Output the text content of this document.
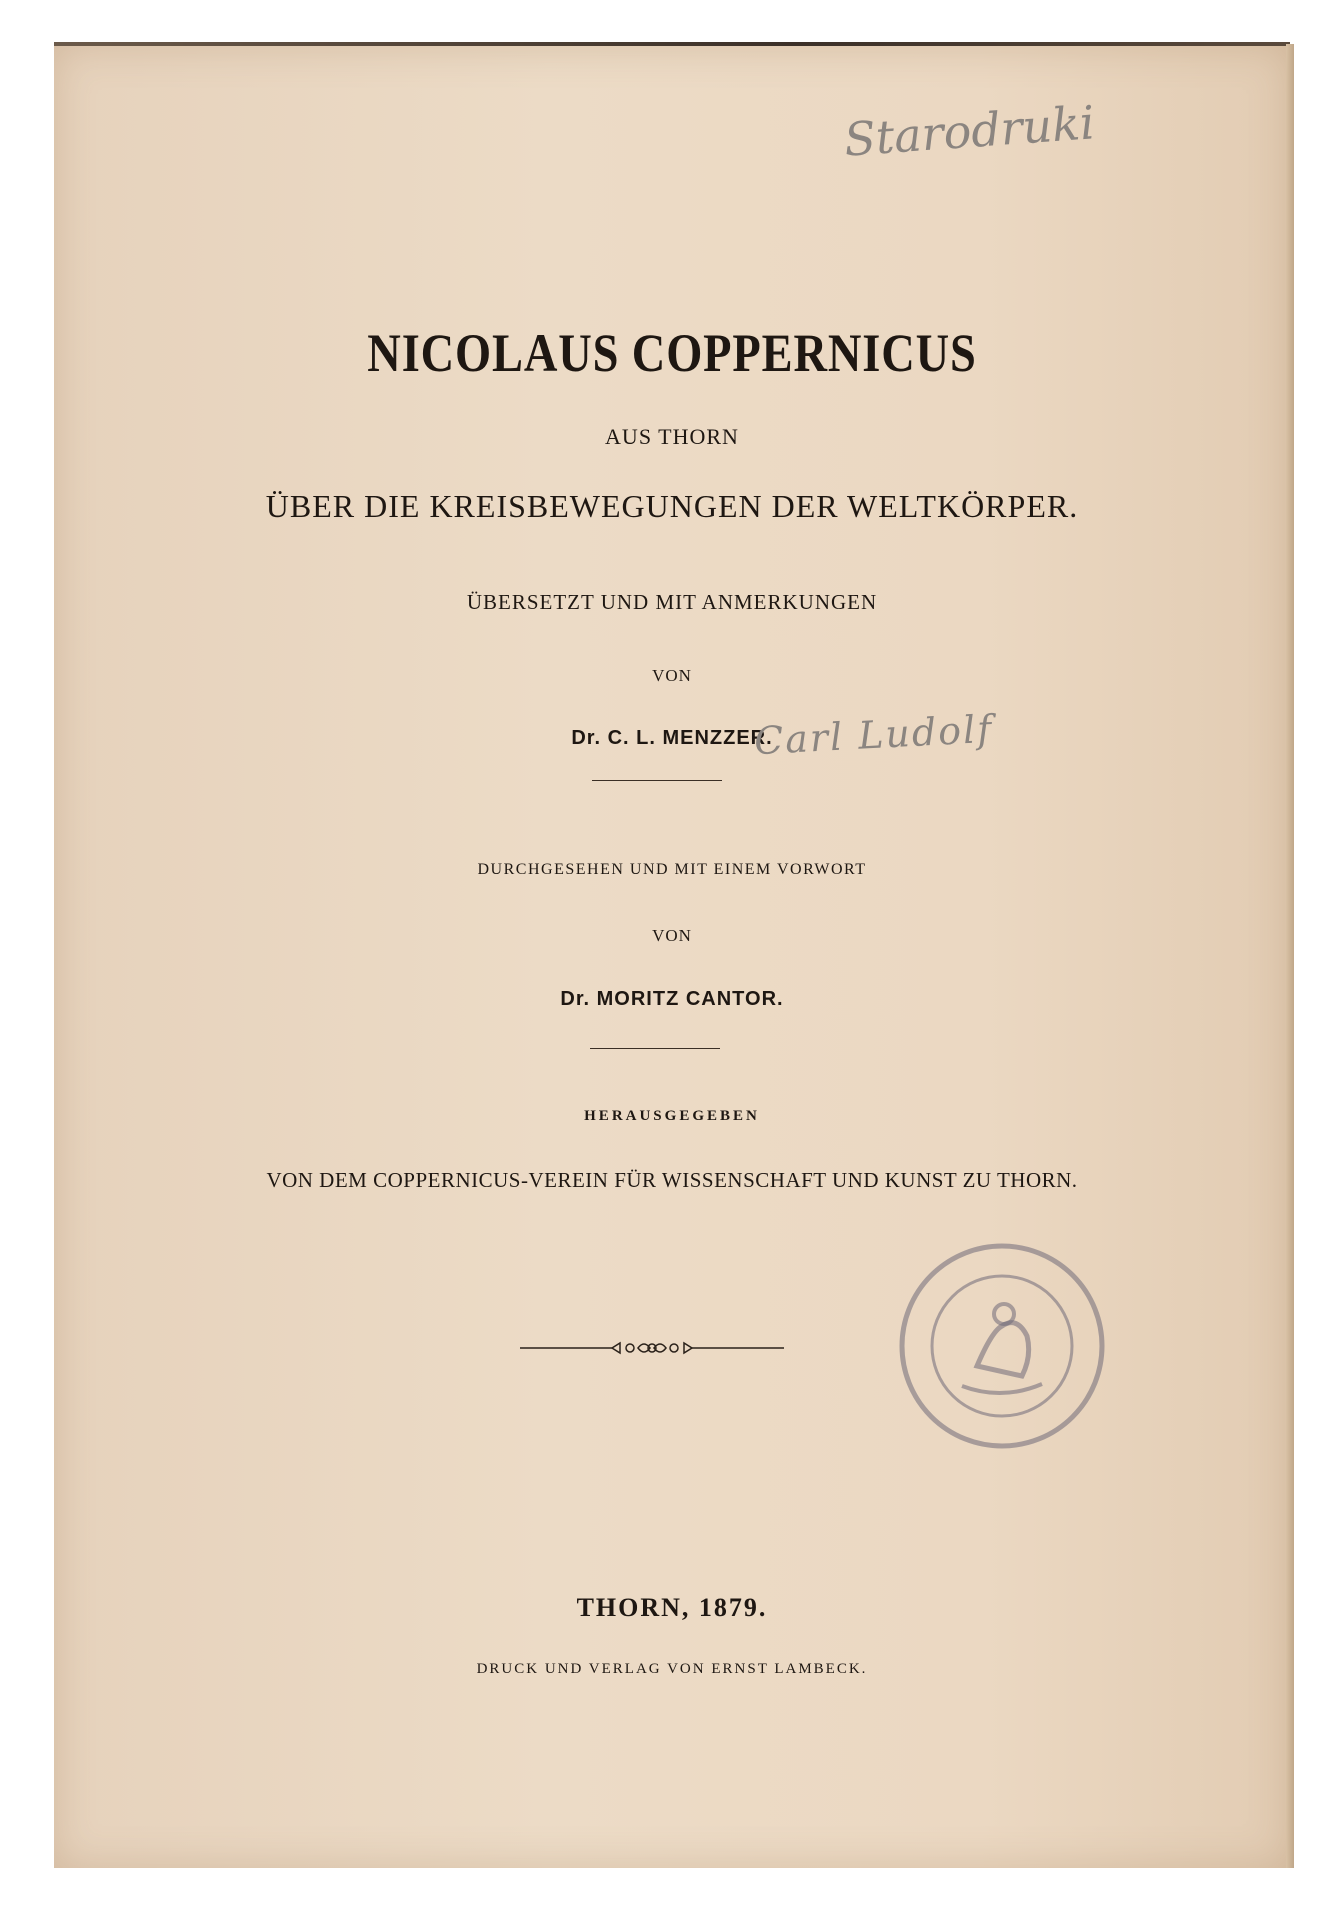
Starodruki
NICOLAUS COPPERNICUS
AUS THORN
ÜBER DIE KREISBEWEGUNGEN DER WELTKÖRPER.
ÜBERSETZT UND MIT ANMERKUNGEN
VON
Dr. C. L. MENZZER.
Carl Ludolf
DURCHGESEHEN UND MIT EINEM VORWORT
VON
Dr. MORITZ CANTOR.
HERAUSGEGEBEN
VON DEM COPPERNICUS-VEREIN FÜR WISSENSCHAFT UND KUNST ZU THORN.
THORN, 1879.
DRUCK UND VERLAG VON ERNST LAMBECK.
